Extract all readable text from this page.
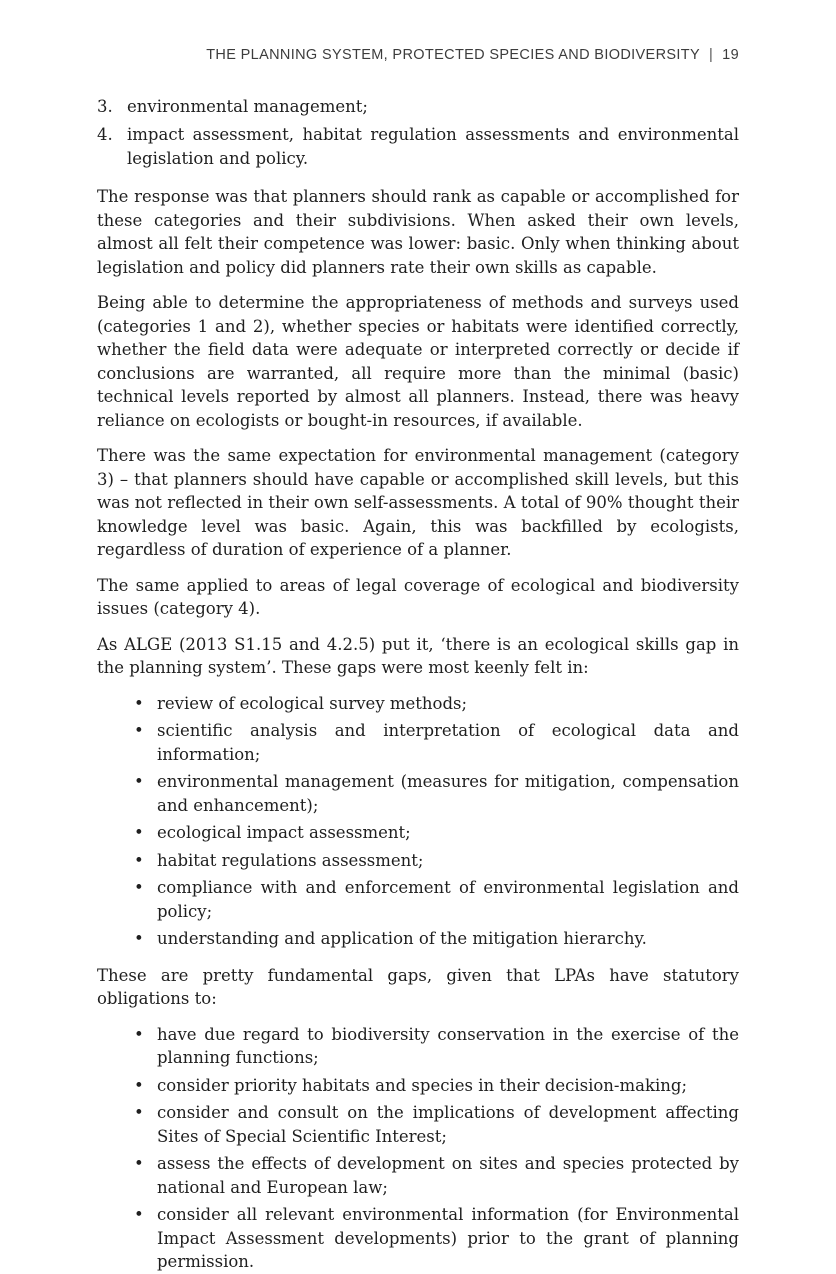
THE PLANNING SYSTEM, PROTECTED SPECIES AND BIODIVERSITY | 19
3. environmental management;
4. impact assessment, habitat regulation assessments and environmental legislation and policy.

The response was that planners should rank as capable or accomplished for these categories and their subdivisions. When asked their own levels, almost all felt their competence was lower: basic. Only when thinking about legislation and policy did planners rate their own skills as capable.

Being able to determine the appropriateness of methods and surveys used (categories 1 and 2), whether species or habitats were identified correctly, whether the field data were adequate or interpreted correctly or decide if conclusions are warranted, all require more than the minimal (basic) technical levels reported by almost all planners. Instead, there was heavy reliance on ecologists or bought-in resources, if available.

There was the same expectation for environmental management (category 3) – that planners should have capable or accomplished skill levels, but this was not reflected in their own self-assessments. A total of 90% thought their knowledge level was basic. Again, this was backfilled by ecologists, regardless of duration of experience of a planner.

The same applied to areas of legal coverage of ecological and biodiversity issues (category 4).

As ALGE (2013 S1.15 and 4.2.5) put it, ‘there is an ecological skills gap in the planning system’. These gaps were most keenly felt in:

• review of ecological survey methods;
• scientific analysis and interpretation of ecological data and information;
• environmental management (measures for mitigation, compensation and enhancement);
• ecological impact assessment;
• habitat regulations assessment;
• compliance with and enforcement of environmental legislation and policy;
• understanding and application of the mitigation hierarchy.

These are pretty fundamental gaps, given that LPAs have statutory obligations to:

• have due regard to biodiversity conservation in the exercise of the planning functions;
• consider priority habitats and species in their decision-making;
• consider and consult on the implications of development affecting Sites of Special Scientific Interest;
• assess the effects of development on sites and species protected by national and European law;
• consider all relevant environmental information (for Environmental Impact Assessment developments) prior to the grant of planning permission.
